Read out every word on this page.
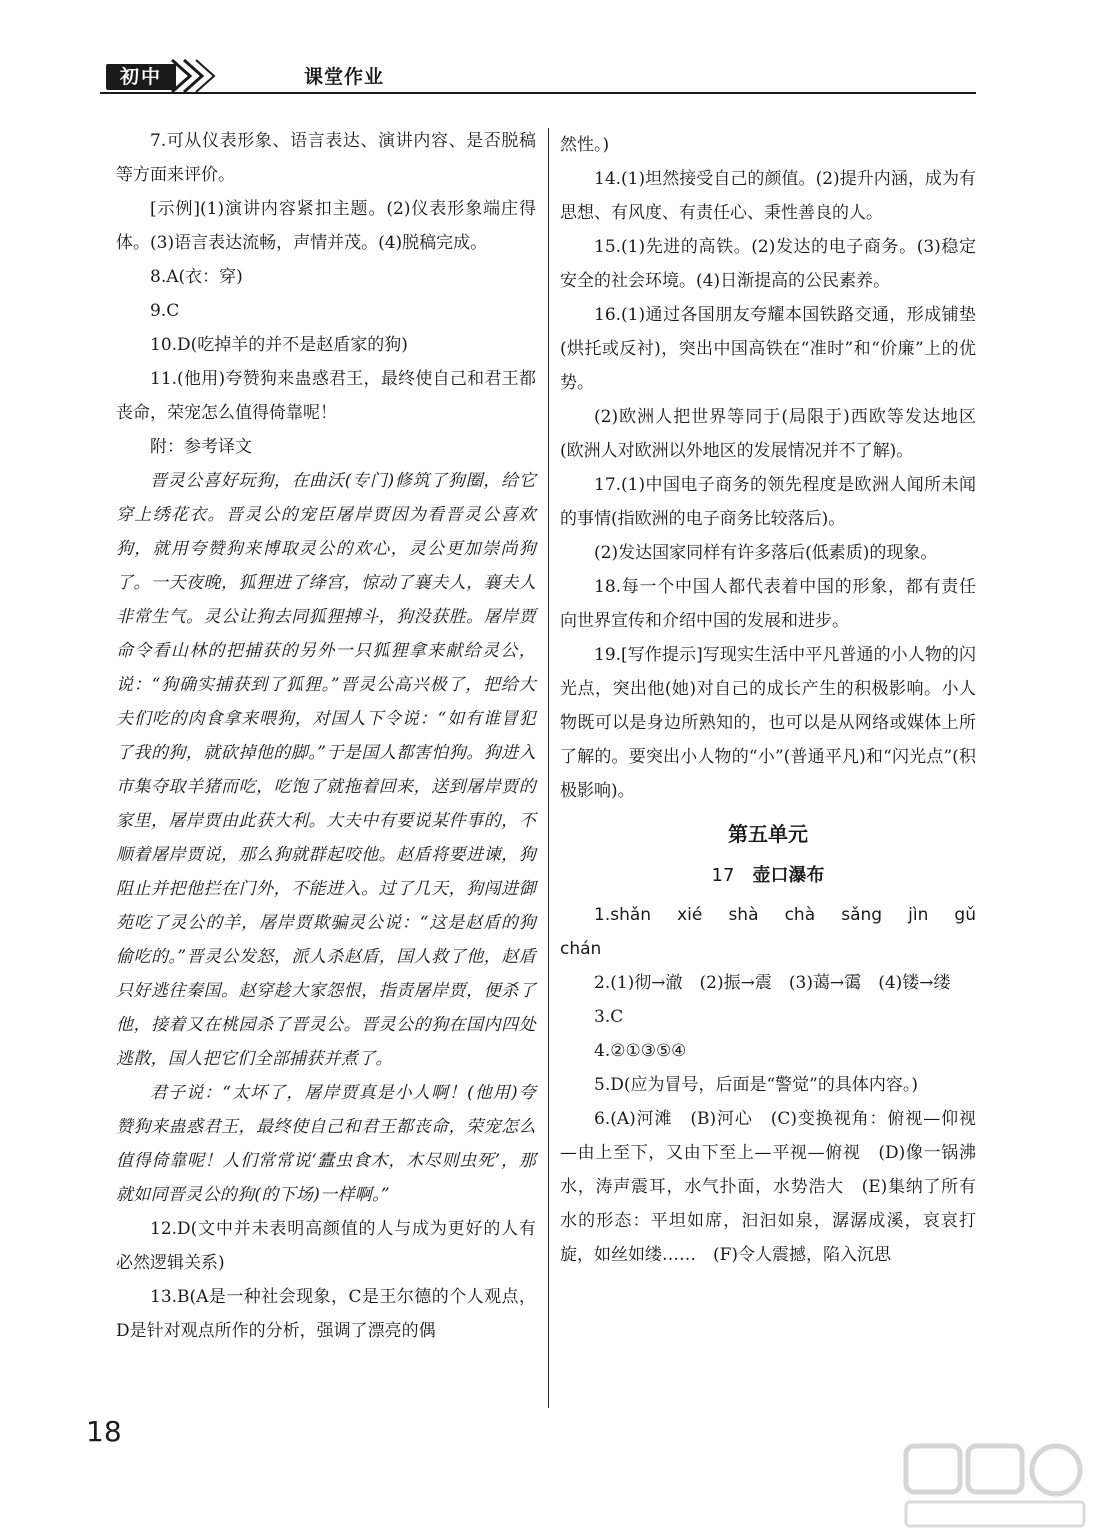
初中	课堂作业

7.可从仪表形象、语言表达、演讲内容、是否脱稿等方面来评价。

[示例](1)演讲内容紧扣主题。(2)仪表形象端庄得体。(3)语言表达流畅，声情并茂。(4)脱稿完成。

8.A(衣：穿)

9.C

10.D(吃掉羊的并不是赵盾家的狗)

11.(他用)夸赞狗来蛊惑君王，最终使自己和君王都丧命，荣宠怎么值得倚靠呢！

附：参考译文

晋灵公喜好玩狗，在曲沃(专门)修筑了狗圈，给它穿上绣花衣。晋灵公的宠臣屠岸贾因为看晋灵公喜欢狗，就用夸赞狗来博取灵公的欢心，灵公更加崇尚狗了。一天夜晚，狐狸进了绛宫，惊动了襄夫人，襄夫人非常生气。灵公让狗去同狐狸搏斗，狗没获胜。屠岸贾命令看山林的把捕获的另外一只狐狸拿来献给灵公，说：“狗确实捕获到了狐狸。”晋灵公高兴极了，把给大夫们吃的肉食拿来喂狗，对国人下令说：“如有谁冒犯了我的狗，就砍掉他的脚。”于是国人都害怕狗。狗进入市集夺取羊猪而吃，吃饱了就拖着回来，送到屠岸贾的家里，屠岸贾由此获大利。大夫中有要说某件事的，不顺着屠岸贾说，那么狗就群起咬他。赵盾将要进谏，狗阻止并把他拦在门外，不能进入。过了几天，狗闯进御苑吃了灵公的羊，屠岸贾欺骗灵公说：“这是赵盾的狗偷吃的。”晋灵公发怒，派人杀赵盾，国人救了他，赵盾只好逃往秦国。赵穿趁大家怨恨，指责屠岸贾，便杀了他，接着又在桃园杀了晋灵公。晋灵公的狗在国内四处逃散，国人把它们全部捕获并煮了。

君子说：“太坏了，屠岸贾真是小人啊！(他用)夸赞狗来蛊惑君王，最终使自己和君王都丧命，荣宠怎么值得倚靠呢！人们常常说‘蠹虫食木，木尽则虫死’，那就如同晋灵公的狗(的下场)一样啊。”

12.D(文中并未表明高颜值的人与成为更好的人有必然逻辑关系)

13.B(A是一种社会现象，C是王尔德的个人观点，D是针对观点所作的分析，强调了漂亮的偶

然性。)

14.(1)坦然接受自己的颜值。(2)提升内涵，成为有思想、有风度、有责任心、秉性善良的人。

15.(1)先进的高铁。(2)发达的电子商务。(3)稳定安全的社会环境。(4)日渐提高的公民素养。

16.(1)通过各国朋友夸耀本国铁路交通，形成铺垫(烘托或反衬)，突出中国高铁在“准时”和“价廉”上的优势。

(2)欧洲人把世界等同于(局限于)西欧等发达地区(欧洲人对欧洲以外地区的发展情况并不了解)。

17.(1)中国电子商务的领先程度是欧洲人闻所未闻的事情(指欧洲的电子商务比较落后)。

(2)发达国家同样有许多落后(低素质)的现象。

18.每一个中国人都代表着中国的形象，都有责任向世界宣传和介绍中国的发展和进步。

19.[写作提示]写现实生活中平凡普通的小人物的闪光点，突出他(她)对自己的成长产生的积极影响。小人物既可以是身边所熟知的，也可以是从网络或媒体上所了解的。要突出小人物的“小”(普通平凡)和“闪光点”(积极影响)。

第五单元
17 壶口瀑布

1.shǎn　xié　shà　chà　sǎng　jìn　gǔ　chán

2.(1)彻→澈　(2)振→震　(3)蔼→霭　(4)镂→缕

3.C

4.②①③⑤④

5.D(应为冒号，后面是“警觉”的具体内容。)

6.(A)河滩　(B)河心　(C)变换视角：俯视—仰视—由上至下，又由下至上—平视—俯视　(D)像一锅沸水，涛声震耳，水气扑面，水势浩大　(E)集纳了所有水的形态：平坦如席，汩汩如泉，潺潺成溪，哀哀打旋，如丝如缕……　(F)令人震撼，陷入沉思

18
